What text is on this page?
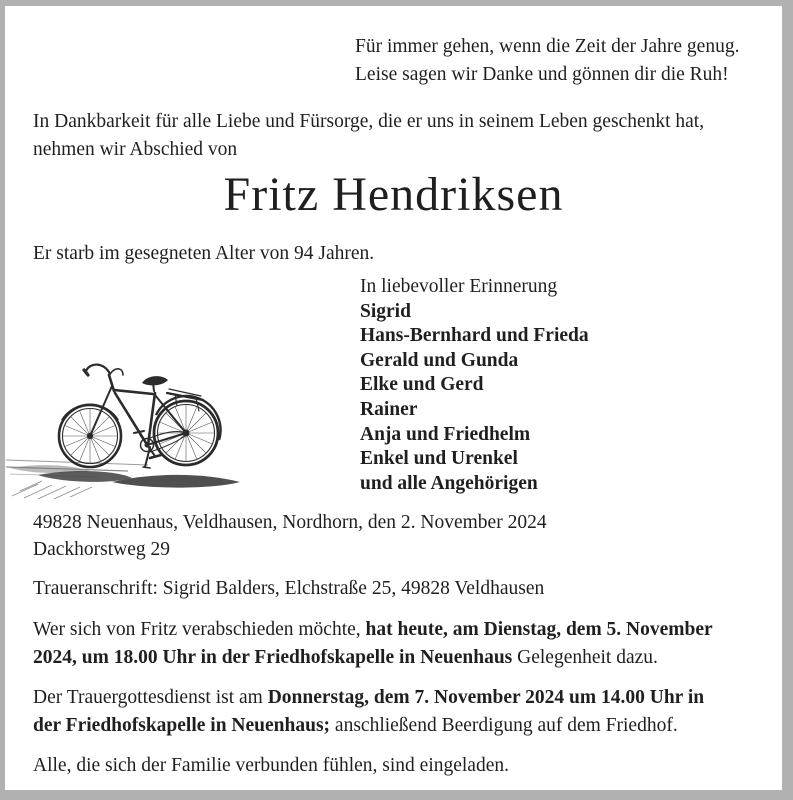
Für immer gehen, wenn die Zeit der Jahre genug.
Leise sagen wir Danke und gönnen dir die Ruh!
In Dankbarkeit für alle Liebe und Fürsorge, die er uns in seinem Leben geschenkt hat,
nehmen wir Abschied von
Fritz Hendriksen
Er starb im gesegneten Alter von 94 Jahren.
In liebevoller Erinnerung
Sigrid
Hans-Bernhard und Frieda
Gerald und Gunda
Elke und Gerd
Rainer
Anja und Friedhelm
Enkel und Urenkel
und alle Angehörigen
49828 Neuenhaus, Veldhausen, Nordhorn, den 2. November 2024
Dackhorstweg 29
Traueranschrift: Sigrid Balders, Elchstraße 25, 49828 Veldhausen
Wer sich von Fritz verabschieden möchte, hat heute, am Dienstag, dem 5. November
2024, um 18.00 Uhr in der Friedhofskapelle in Neuenhaus Gelegenheit dazu.
Der Trauergottesdienst ist am Donnerstag, dem 7. November 2024 um 14.00 Uhr in
der Friedhofskapelle in Neuenhaus; anschließend Beerdigung auf dem Friedhof.
Alle, die sich der Familie verbunden fühlen, sind eingeladen.
